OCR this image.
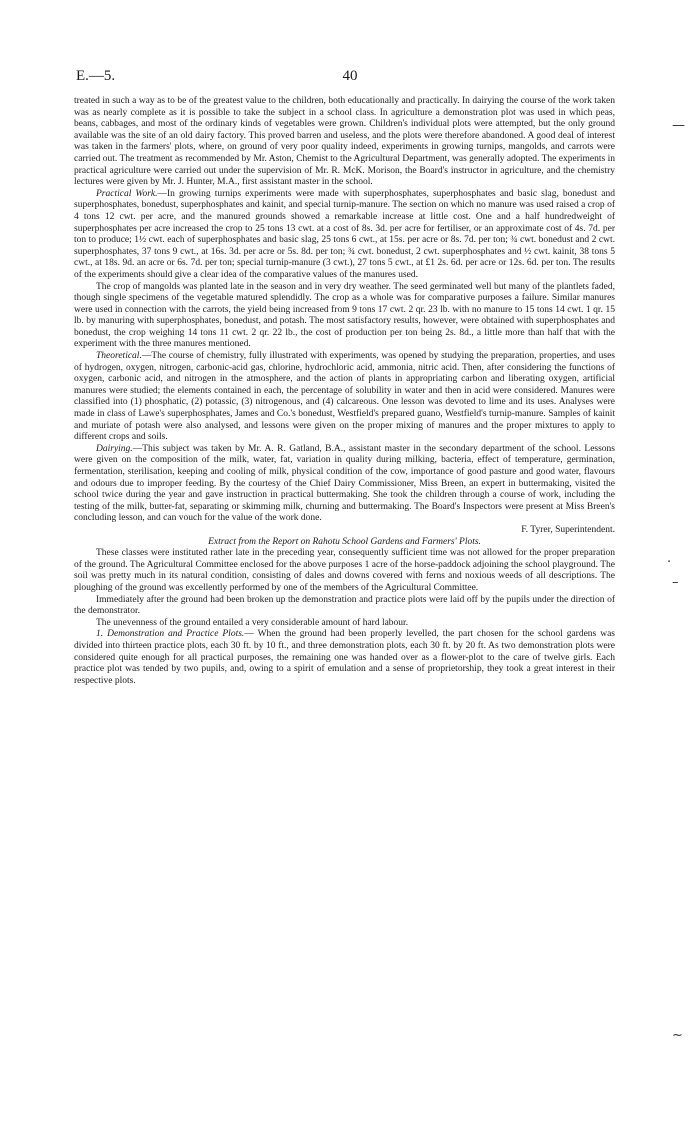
E.—5.	40

treated in such a way as to be of the greatest value to the children, both educationally and practically. In dairying the course of the work taken was as nearly complete as it is possible to take the subject in a school class. In agriculture a demonstration plot was used in which peas, beans, cabbages, and most of the ordinary kinds of vegetables were grown. Children's individual plots were attempted, but the only ground available was the site of an old dairy factory. This proved barren and useless, and the plots were therefore abandoned. A good deal of interest was taken in the farmers' plots, where, on ground of very poor quality indeed, experiments in growing turnips, mangolds, and carrots were carried out. The treatment as recommended by Mr. Aston, Chemist to the Agricultural Department, was generally adopted. The experiments in practical agriculture were carried out under the supervision of Mr. R. McK. Morison, the Board's instructor in agriculture, and the chemistry lectures were given by Mr. J. Hunter, M.A., first assistant master in the school.

Practical Work.—In growing turnips experiments were made with superphosphates, superphosphates and basic slag, bonedust and superphosphates, bonedust, superphosphates and kainit, and special turnip-manure. The section on which no manure was used raised a crop of 4 tons 12 cwt. per acre, and the manured grounds showed a remarkable increase at little cost. One and a half hundredweight of superphosphates per acre increased the crop to 25 tons 13 cwt. at a cost of 8s. 3d. per acre for fertiliser, or an approximate cost of 4s. 7d. per ton to produce; 1½ cwt. each of superphosphates and basic slag, 25 tons 6 cwt., at 15s. per acre or 8s. 7d. per ton; ¾ cwt. bonedust and 2 cwt. superphosphates, 37 tons 9 cwt., at 16s. 3d. per acre or 5s. 8d. per ton; ¾ cwt. bonedust, 2 cwt. superphosphates and ½ cwt. kainit, 38 tons 5 cwt., at 18s. 9d. an acre or 6s. 7d. per ton; special turnip-manure (3 cwt.), 27 tons 5 cwt., at £1 2s. 6d. per acre or 12s. 6d. per ton. The results of the experiments should give a clear idea of the comparative values of the manures used.

The crop of mangolds was planted late in the season and in very dry weather. The seed germinated well but many of the plantlets faded, though single specimens of the vegetable matured splendidly. The crop as a whole was for comparative purposes a failure. Similar manures were used in connection with the carrots, the yield being increased from 9 tons 17 cwt. 2 qr. 23 lb. with no manure to 15 tons 14 cwt. 1 qr. 15 lb. by manuring with superphosphates, bonedust, and potash. The most satisfactory results, however, were obtained with superphosphates and bonedust, the crop weighing 14 tons 11 cwt. 2 qr. 22 lb., the cost of production per ton being 2s. 8d., a little more than half that with the experiment with the three manures mentioned.

Theoretical.—The course of chemistry, fully illustrated with experiments, was opened by studying the preparation, properties, and uses of hydrogen, oxygen, nitrogen, carbonic-acid gas, chlorine, hydrochloric acid, ammonia, nitric acid. Then, after considering the functions of oxygen, carbonic acid, and nitrogen in the atmosphere, and the action of plants in appropriating carbon and liberating oxygen, artificial manures were studied; the elements contained in each, the percentage of solubility in water and then in acid were considered. Manures were classified into (1) phosphatic, (2) potassic, (3) nitrogenous, and (4) calcareous. One lesson was devoted to lime and its uses. Analyses were made in class of Lawe's superphosphates, James and Co.'s bonedust, Westfield's prepared guano, Westfield's turnip-manure. Samples of kainit and muriate of potash were also analysed, and lessons were given on the proper mixing of manures and the proper mixtures to apply to different crops and soils.

Dairying.—This subject was taken by Mr. A. R. Gatland, B.A., assistant master in the secondary department of the school. Lessons were given on the composition of the milk, water, fat, variation in quality during milking, bacteria, effect of temperature, germination, fermentation, sterilisation, keeping and cooling of milk, physical condition of the cow, importance of good pasture and good water, flavours and odours due to improper feeding. By the courtesy of the Chief Dairy Commissioner, Miss Breen, an expert in buttermaking, visited the school twice during the year and gave instruction in practical buttermaking. She took the children through a course of work, including the testing of the milk, butter-fat, separating or skimming milk, churning and buttermaking. The Board's Inspectors were present at Miss Breen's concluding lesson, and can vouch for the value of the work done.

F. Tyrer, Superintendent.

Extract from the Report on Rahotu School Gardens and Farmers' Plots.

These classes were instituted rather late in the preceding year, consequently sufficient time was not allowed for the proper preparation of the ground. The Agricultural Committee enclosed for the above purposes 1 acre of the horse-paddock adjoining the school playground. The soil was pretty much in its natural condition, consisting of dales and downs covered with ferns and noxious weeds of all descriptions. The ploughing of the ground was excellently performed by one of the members of the Agricultural Committee.

Immediately after the ground had been broken up the demonstration and practice plots were laid off by the pupils under the direction of the demonstrator.

The unevenness of the ground entailed a very considerable amount of hard labour.

1. Demonstration and Practice Plots.— When the ground had been properly levelled, the part chosen for the school gardens was divided into thirteen practice plots, each 30 ft. by 10 ft., and three demonstration plots, each 30 ft. by 20 ft. As two demonstration plots were considered quite enough for all practical purposes, the remaining one was handed over as a flower-plot to the care of twelve girls. Each practice plot was tended by two pupils, and, owing to a spirit of emulation and a sense of proprietorship, they took a great interest in their respective plots.

—
·
–
~
